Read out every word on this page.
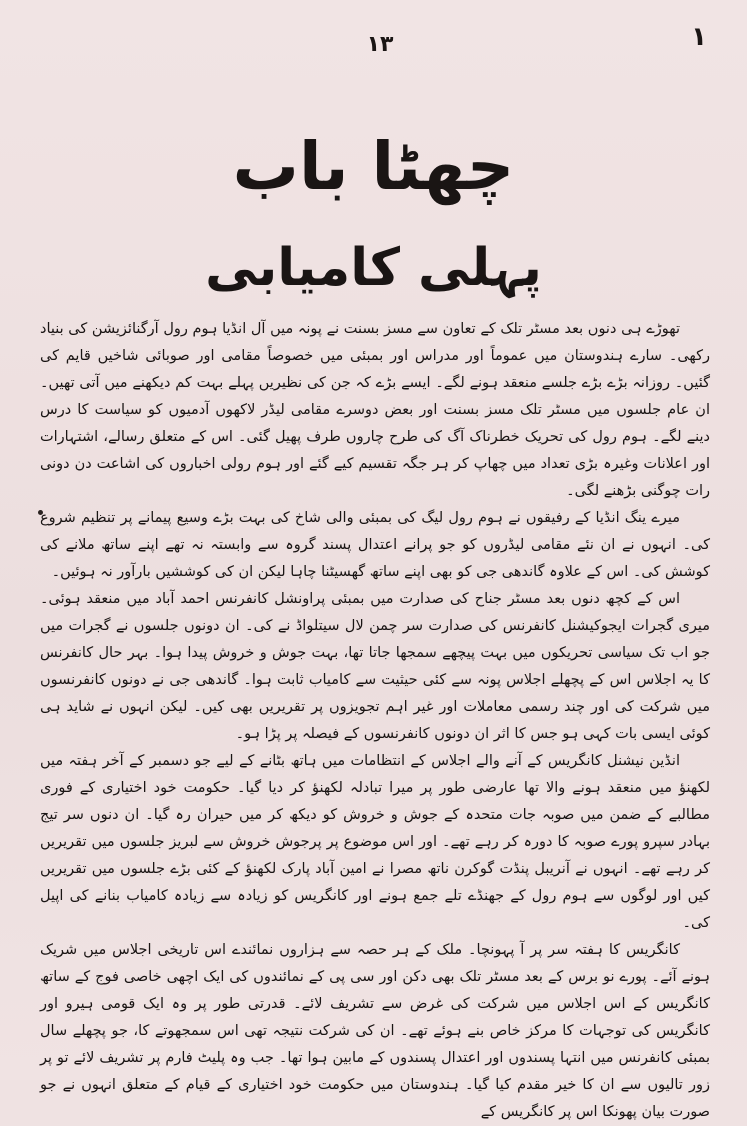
۱
۱۳
چھٹا باب
پہلی کامیابی

تھوڑے ہی دنوں بعد مسٹر تلک کے تعاون سے مسز بسنت نے پونہ میں آل انڈیا ہوم رول آرگنائزیشن کی بنیاد رکھی۔ سارے ہندوستان میں عموماً اور مدراس اور بمبئی میں خصوصاً مقامی اور صوبائی شاخیں قایم کی گئیں۔ روزانہ بڑے بڑے جلسے منعقد ہونے لگے۔ ایسے بڑے کہ جن کی نظیریں پہلے بہت کم دیکھنے میں آتی تھیں۔ ان عام جلسوں میں مسٹر تلک مسز بسنت اور بعض دوسرے مقامی لیڈر لاکھوں آدمیوں کو سیاست کا درس دینے لگے۔ ہوم رول کی تحریک خطرناک آگ کی طرح چاروں طرف پھیل گئی۔ اس کے متعلق رسالے، اشتہارات اور اعلانات وغیرہ بڑی تعداد میں چھاپ کر ہر جگہ تقسیم کیے گئے اور ہوم رولی اخباروں کی اشاعت دن دونی رات چوگنی بڑھنے لگی۔

میرے ینگ انڈیا کے رفیقوں نے ہوم رول لیگ کی بمبئی والی شاخ کی بہت بڑے وسیع پیمانے پر تنظیم شروع کی۔ انہوں نے ان نئے مقامی لیڈروں کو جو پرانے اعتدال پسند گروہ سے وابستہ نہ تھے اپنے ساتھ ملانے کی کوشش کی۔ اس کے علاوہ گاندھی جی کو بھی اپنے ساتھ گھسیٹنا چاہا لیکن ان کی کوششیں بارآور نہ ہوئیں۔

اس کے کچھ دنوں بعد مسٹر جناح کی صدارت میں بمبئی پراونشل کانفرنس احمد آباد میں منعقد ہوئی۔ میری گجرات ایجوکیشنل کانفرنس کی صدارت سر چمن لال سیتلواڈ نے کی۔ ان دونوں جلسوں نے گجرات میں جو اب تک سیاسی تحریکوں میں بہت پیچھے سمجھا جاتا تھا، بہت جوش و خروش پیدا ہوا۔ بہر حال کانفرنس کا یہ اجلاس اس کے پچھلے اجلاس پونہ سے کئی حیثیت سے کامیاب ثابت ہوا۔ گاندھی جی نے دونوں کانفرنسوں میں شرکت کی اور چند رسمی معاملات اور غیر اہم تجویزوں پر تقریریں بھی کیں۔ لیکن انہوں نے شاید ہی کوئی ایسی بات کہی ہو جس کا اثر ان دونوں کانفرنسوں کے فیصلہ پر پڑا ہو۔

انڈین نیشنل کانگریس کے آنے والے اجلاس کے انتظامات میں ہاتھ بٹانے کے لیے جو دسمبر کے آخر ہفتہ میں لکھنؤ میں منعقد ہونے والا تھا عارضی طور پر میرا تبادلہ لکھنؤ کر دیا گیا۔ حکومت خود اختیاری کے فوری مطالبے کے ضمن میں صوبہ جات متحدہ کے جوش و خروش کو دیکھ کر میں حیران رہ گیا۔ ان دنوں سر تیج بہادر سپرو پورے صوبہ کا دورہ کر رہے تھے۔ اور اس موضوع پر پرجوش خروش سے لبریز جلسوں میں تقریریں کر رہے تھے۔ انہوں نے آنریبل پنڈت گوکرن ناتھ مصرا نے امین آباد پارک لکھنؤ کے کئی بڑے جلسوں میں تقریریں کیں اور لوگوں سے ہوم رول کے جھنڈے تلے جمع ہونے اور کانگریس کو زیادہ سے زیادہ کامیاب بنانے کی اپیل کی۔

کانگریس کا ہفتہ سر پر آ پہونچا۔ ملک کے ہر حصہ سے ہزاروں نمائندے اس تاریخی اجلاس میں شریک ہونے آئے۔ پورے نو برس کے بعد مسٹر تلک بھی دکن اور سی پی کے نمائندوں کی ایک اچھی خاصی فوج کے ساتھ کانگریس کے اس اجلاس میں شرکت کی غرض سے تشریف لائے۔ قدرتی طور پر وہ ایک قومی ہیرو اور کانگریس کی توجہات کا مرکز خاص بنے ہوئے تھے۔ ان کی شرکت نتیجہ تھی اس سمجھوتے کا، جو پچھلے سال بمبئی کانفرنس میں انتہا پسندوں اور اعتدال پسندوں کے مابین ہوا تھا۔ جب وہ پلیٹ فارم پر تشریف لائے تو پر زور تالیوں سے ان کا خیر مقدم کیا گیا۔ ہندوستان میں حکومت خود اختیاری کے قیام کے متعلق انہوں نے جو صورت بیان پھونکا اس پر کانگریس کے
